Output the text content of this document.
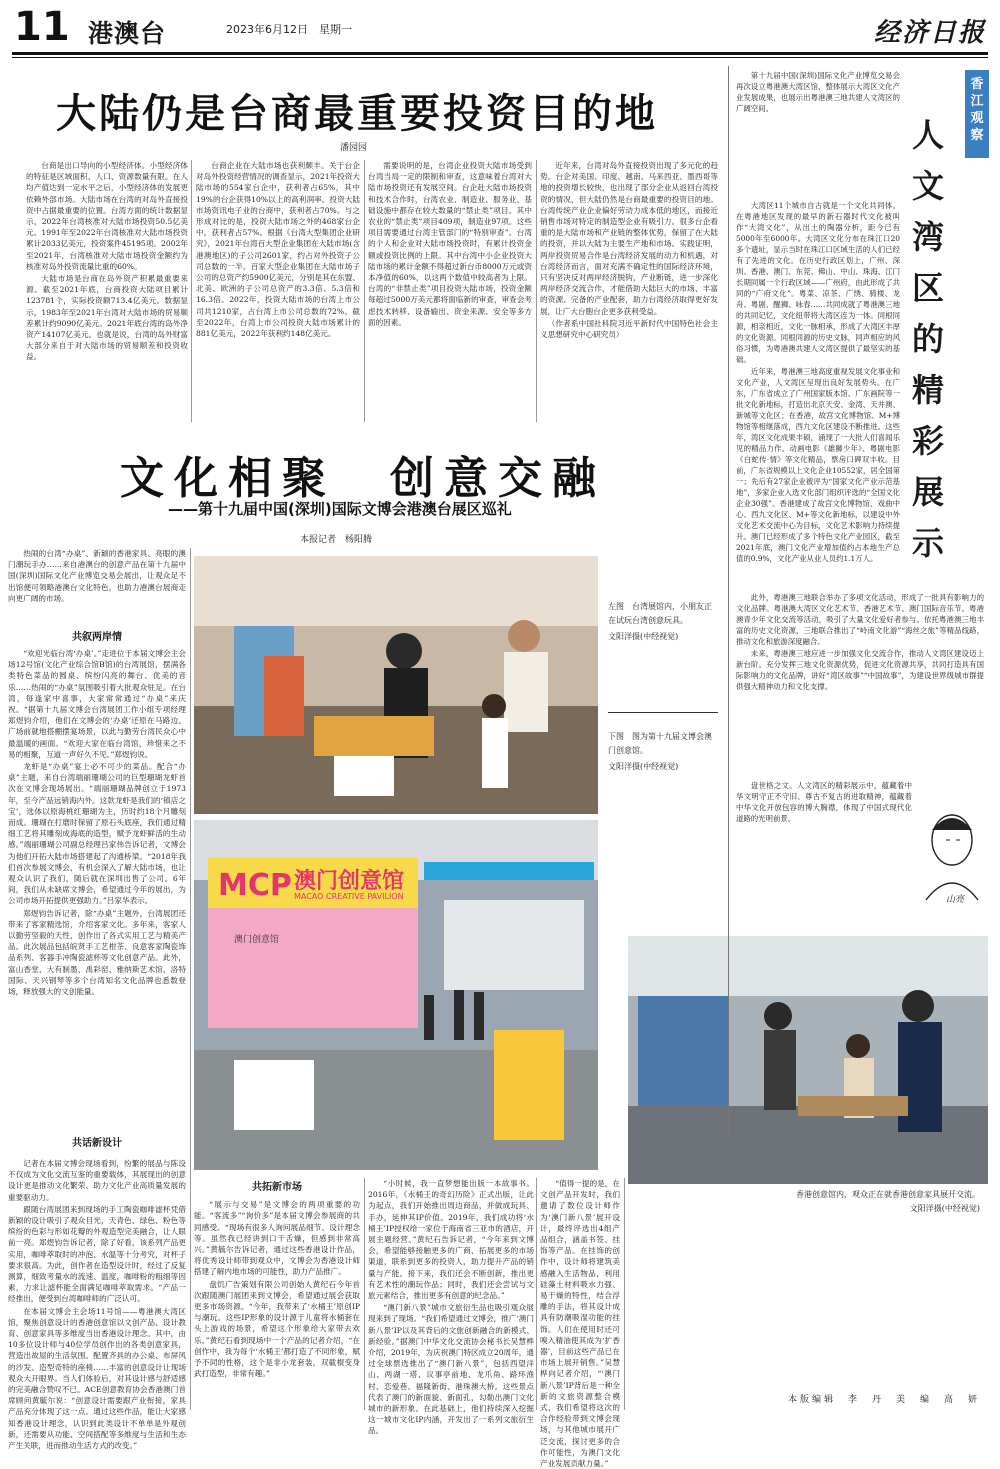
11 港澳台	2023年6月12日　星期一	经济日报
大陆仍是台商最重要投资目的地
潘园园

台商是出口导向的小型经济体。小型经济体的特征是区域面积、人口、资源数量有限。在人均产值达到一定水平之后，小型经济体的发展更依赖外部市场。大陆市场在台湾的对岛外直接投资中占据最重要的位置。台湾方面的统计数据显示，2022年台湾核准对大陆市场投资50.5亿美元。1991年至2022年台湾核准对大陆市场投资累计2033亿美元，投资案件45195项。2002年至2021年，台湾核准对大陆市场投资金额约为核准对岛外投资流量比重的60%。

大陆市场是台商在岛外资产积累最重要来源。截至2021年底，台商投资大陆项目累计123781个，实际投资额713.4亿美元。数据显示，1983年至2021年台湾对大陆市场的贸易顺差累计约9090亿美元。2021年底台湾的岛外净资产14107亿美元。也就是说，台湾的岛外财富大部分来自于对大陆市场的贸易顺差和投资收益。

台商企业在大陆市场也获利颇丰。关于台企对岛外投资经营情况的调查显示，2021年投资大陆市场的554家台企中，获利者占65%，其中19%的台企获得10%以上的高利润率。投资大陆市场资讯电子业的台商中，获利者占70%。与之形成对比的是，投资大陆市场之外的468家台企中，获利者占57%。根据《台湾大型集团企业研究》，2021年台湾百大型企业集团在大陆市场(含港澳地区)的子公司2601家，约占对外投资子公司总数的一半。百家大型企业集团在大陆市场子公司的总资产约5900亿美元，分别是其在东盟、北美、欧洲的子公司总资产的3.3倍、5.3倍和16.3倍。2022年，投资大陆市场的台湾上市公司共1210家，占台湾上市公司总数的72%。截至2022年，台湾上市公司投资大陆市场累计的881亿美元，2022年获利约148亿美元。

需要说明的是，台湾企业投资大陆市场受到台湾当局一定的限制和审查，这意味着台湾对大陆市场投资还有发展空间。台企赴大陆市场投资和技术合作时，台湾农业、制造业、服务业、基础设施中都存在较大数量的“禁止类”项目。其中农业的“禁止类”项目409项，制造业97项。这些项目需要通过台湾主管部门的“特别审查”。台湾的个人和企业对大陆市场投资时，有累计投资金额或投资比例的上限。其中台湾中小企业投资大陆市场的累计金额不得超过新台币8000万元或资本净值的60%，以这两个数值中较高者为上限。台湾的“非禁止类”项目投资大陆市场，投资金额每超过5000万美元都将面临新的审查，审查会考虑技术转移、设备输出、资金来源、安全等多方面的因素。

近年来，台湾对岛外直接投资出现了多元化的趋势。台企对美国、印度、越南、马来西亚、墨西哥等地的投资增长较快，也出现了部分企业从返回台湾投资的情况，但大陆仍然是台商最重要的投资目的地。台湾传统产业企业偏好劳动力成本低的地区，而接近销售市场对特定的制造型企业有吸引力。很多台企看重的是大陆市场和产业链的整体优势，保留了在大陆的投资，并以大陆为主要生产地和市场。实践证明，两岸投资贸易合作是台湾经济发展的动力和机遇，对台湾经济而言，面对充满不确定性的国际经济环境，只有坚决反对两岸经济脱钩，产业断链，进一步深化两岸经济交流合作，才能借助大陆巨大的市场、丰富的资源、完备的产业配套，助力台湾经济取得更好发展，让广大台胞台企更多获利受益。

（作者系中国社科院习近平新时代中国特色社会主义思想研究中心研究员）

文化相聚　创意交融
——第十九届中国(深圳)国际文博会港澳台展区巡礼
本报记者　杨阳腾

热闹的台湾“办桌”、新颖的香港家具、亮眼的澳门潮玩手办……来自港澳台的创意产品在第十九届中国(深圳)国际文化产业博览交易会展出，让观众足不出馆便可领略港澳台文化特色，也助力港澳台展商走向更广阔的市场。

共叙两岸情

“欢迎光临台湾‘办桌’。”走进位于本届文博会主会场12号馆(文化产业综合馆B馆)的台湾展馆，摆满各类特色菜品的圆桌、缤纷闪亮的舞台、优美的音乐……热闹的“办桌”氛围吸引着大批观众驻足。在台湾，每逢家中喜事，大家常常通过“办桌”来庆祝。“据第十九届文博会台湾展团工作小组专项经理郑煜钧介绍，他们在文博会的‘办桌’还原在马路边、广场前就地搭棚摆宴场景，以此与勤劳台湾民众心中最温暖的画面。“欢迎大家在临台湾馆，珍惜来之不易的相聚，互道一声好久不见。”郑煜钧说。

龙虾是“办桌”宴上必不可少的菜品。配合“办桌”主题，来自台湾端丽珊瑚公司的巨型珊瑚龙虾首次在文博会现场展出。“端丽珊瑚品牌创立于1973年，至今产品远销海内外。这款龙虾是我们的‘镇店之宝’，选体以原海桃红珊瑚为主，历时约18个月雕刻而成。珊瑚在打磨时保留了原石头底座，我们通过精细工艺将其雕刻成海底的造型，赋予龙虾鲜活的生动感。”端丽珊瑚公司副总经理吕家伟告诉记者，文博会为他们开拓大陆市场搭建起了沟通桥梁。“2018年我们首次参展文博会，有机会深入了解大陆市场，也让观众认识了我们，随后就在深圳出售了公司。6年间，我们从未缺席文博会，希望通过今年的展出，为公司市场开拓提供更强助力。”吕家华表示。

郑煜钧告诉记者，除“办桌”主题外，台湾展团还带来了客家精选馆，介绍客家文化。多年来，客家人以勤劳坚毅的天性，创作出了各式实用工艺与精美产品。此次展品包括皖贤手工艺柑茶、良意客家陶瓷饰品系列、客器手冲陶瓷滤杯等文化创意产品。此外，富山香堂、大有制墨、禹彩窑、雅纳斯艺术馆、洛特国际、天兴钢琴等多个台湾知名文化品牌也悉数登场，释放强大的文创能量。

共话新设计

记者在本届文博会现场看到，纷繁的展品与陈设不仅成为文化交流互鉴的重要载体，其展现出的创意设计更是推动文化繁荣、助力文化产业高质量发展的重要驱动力。

跟随台湾展团来到现场的手工陶瓷咖啡滤杯凭借新颖的设计吸引了观众目光，天青色、绿色、粉色等缤纷的色彩与形如花瓣的外观造型完美融合，让人眼前一亮。郑煜钧告诉记者，除了好看，该系列产品更实用，咖啡萃取时的冲泡、水温等十分考究，对杯子要求很高。为此，创作者在造型设计时，经过了反复测算，细致考量水的流速、温度，咖啡粉的粗细等因素，力求让滤杯能全面满足咖啡萃取需求。“产品一经推出，便受到台湾咖啡师的广泛认可。

在本届文博会主会场11号馆——粤港澳大湾区馆，聚焦创意设计的香港创意馆以文创产品、设计教育、创意家具等多维度当出香港设计理念。其中，由10多位设计师与40位学员创作出的各类创意家具，营造出故屋的生活氛围。配置齐具的办公桌、布屏风的沙发、造型奇特的座椅……丰富的创意设计让现场观众大开眼界。当人们体验后，对其设计感与舒适感的完美融合赞叹不已。ACE创意教育协会香港澳门首席顾问黄毓尔说：“创意设计需要跟产业衔接，家具产品充分体现了这一点。通过这些作品，能让大家感知香港设计理念，认识到此类设计不单单是外观创新，还需要从功能、空间搭配等多维度与生活和生态产生关联，进而推动生活方式的改变。”

MCP 澳门创意馆
MACAO CREATIVE PAVILION
澳门创意馆
左图　台湾展馆内，小朋友正在试玩台湾创意玩具。
文阳洋摄(中经视觉)
下图　图为第十九届文博会澳门创意馆。
文阳洋摄(中经视觉)
共拓新市场

“展示与交易”是文博会的两项重要的功能。“客流多”“询价多”是本届文博会参展商的共同感受。“现场有很多人询问展品细节、设计理念等。虽然我已经讲到口干舌燥，但感到非常高兴。”黄毓尔告诉记者，通过这些香港设计作品，将优秀设计师带到观众中，文博会为香港设计师搭建了解内地市场的可能性，助力产品推广。

盘饥广告策划有限公司创始人黄纪石今年首次跟随澳门展团来到文博会，希望通过展会获取更多市场资源。“今年，我带来了‘水桶王’原创IP与潮玩。这些IP形象的设计源于儿童将水桶套在头上游戏的场景，希望这个形象给大家带去欢乐。”黄纪石看到现场中一个产品的记者介绍，“在创作中，我为每个‘水桶王’都打造了不同形象，赋予不同的性格，这个是非小龙套装，双截棍变身武打造型，非常有趣。”

“小时候，我一直梦想能出版一本故事书。2016年，《水桶王的奇幻历险》正式出版，让此为起点，我们开始推出周边商品，并做成玩具、手办，延伸其IP价值。2019年，我们成功将‘水桶王’IP授权给一家位于海南省三亚市的酒店，开展主题经营。”黄纪石告诉记者，“今年来到文博会，希望能够接触更多的广商，拓展更多的市场渠道，联系到更多的投资人，助力提升产品的销量与产能。接下来，我们还会不断创新，推出更有艺术性的潮玩作品；同时，我们还会尝试与文旅元素结合，推出更多有创意的纪念品。”

“澳门新八景”城市文旅衍生品也吸引观众展现来到了现场。“我们希望通过文博会，推广‘澳门新八景’IP以及其背后的文旅创新融合的新模式、新经验。”据澳门中华文化交流协会秘书长吴慧桦介绍，2019年，为庆祝澳门特区成立20周年，通过全球票选推出了“澳门新八景”，包括西望洋山、两湖一塔、议事亭前地、龙爪角、路环渔村、恋爱巷、福隆新街、港珠澳大桥。这些景点代表了澳门的新面貌、新面孔，勾勒出澳门文化城市的新形象。在此基础上，他们持续深入挖掘这一城市文化IP内涵，开发出了一系列文旅衍生品。

“值得一提的是，在文创产品开发时，我们邀请了数位设计师作为‘澳门新八景’展开设计，最终评选出4组产品组合，涵盖书签、挂饰等产品。在挂饰的创作中，设计师将建筑美感融入生活物品，利用硅藻土材料吸水力强、易干燥的特性，结合浮雕的手法，将其设计成具有防潮吸湿功能的挂饰。人们在使用时还可嗅入精油使其成为‘扩香器’，目前这些产品已在市场上展开销售。”吴慧桦向记者介绍，“‘澳门新八景’IP背后是一种全新的文旅资源整合模式，我们希望将这次的合作经验带到文博会现场，与其他城市展开广泛交流，探讨更多的合作可能性，为澳门文化产业发展贡献力量。”

香港创意馆内，观众正在就香港创意家具展开交流。
文阳洋摄(中经视觉)
香江观察
人文湾区的精彩展示

第十九届中国(深圳)国际文化产业博览交易会再次设立粤港澳大湾区馆，整体展示大湾区文化产业发展成果，也展示出粤港澳三地共建人文湾区的广阔空间。

大湾区11个城市自古就是一个文化共同体。在粤港地区发现的最早的新石器时代文化被叫作“大湾文化”，从出土的陶器分析，距今已有5000年至6000年。大湾区文化分布在珠江口20多个遗址，显示当时在珠江口区域生活的人们已经有了先进的文化。在历史行政区划上，广州、深圳、香港、澳门、东莞、佛山、中山、珠海、江门长期同属一个行政区域——广州府，由此形成了共同的“广府文化”。粤菜、凉茶、广绣、骑楼、龙舟、粤剧、醒狮、咏春……共同成就了粤港澳三地的共同记忆，文化纽带将大湾区连为一体。同根同源，相亲相近，文化一脉相承，形成了大湾区丰厚的文化资源。同根同源的历史文脉，同声相应的风俗习惯，为粤港澳共建人文湾区提供了最坚实的基础。

近年来，粤港澳三地高度重视发展文化事业和文化产业，人文湾区呈现出良好发展势头。在广东，广东省成立了广州国家版本馆、广东画院等一批文化新地标，打造出北京天安、金湾、天井澳、新城等文化区；在香港，故宫文化博物馆、M+博物馆等相继落成，西九文化区建设不断推进。这些年，湾区文化成果丰硕，涌现了一大批人们喜闻乐见的精品力作。动画电影《雄狮少年》、粤剧电影《白蛇传·情》等文化精品，票房口碑双丰收。目前，广东省规模以上文化企业10552家，居全国第一；先后有27家企业被评为“国家文化产业示范基地”，多家企业入选文化部门组织评选的“全国文化企业30强”。香港建成了故宫文化博物馆、戏曲中心、西九文化区、M+等文化新地标，以建设中外文化艺术交流中心为目标，文化艺术影响力持续提升。澳门已经形成了多个特色文化产业园区，截至2021年底，澳门文化产业增加值约占本地生产总值的0.9%，文化产业从业人员约1.1万人。

此外，粤港澳三地联合举办了多项文化活动，形成了一批具有影响力的文化品牌。粤港澳大湾区文化艺术节、香港艺术节、澳门国际音乐节、粤港澳青少年文化交流等活动，吸引了大量文化爱好者参与。依托粤港澳三地丰富的历史文化资源，三地联合推出了“岭南文化游”“海丝之旅”等精品线路，推动文化和旅游深度融合。

未来，粤港澳三地应进一步加强文化交流合作，推动人文湾区建设迈上新台阶。充分发挥三地文化资源优势，促进文化资源共享，共同打造具有国际影响力的文化品牌，讲好“湾区故事”“中国故事”，为建设世界级城市群提供强大精神动力和文化支撑。

盘世格之文。人文湾区的精彩展示中，蕴藏着中华文明守正不守旧、尊古不复古的进取精神，蕴藏着中华文化开放包容的博大胸襟，体现了中国式现代化道路的光明前景。

山亮
本版编辑　李　丹　美　编　高　妍
